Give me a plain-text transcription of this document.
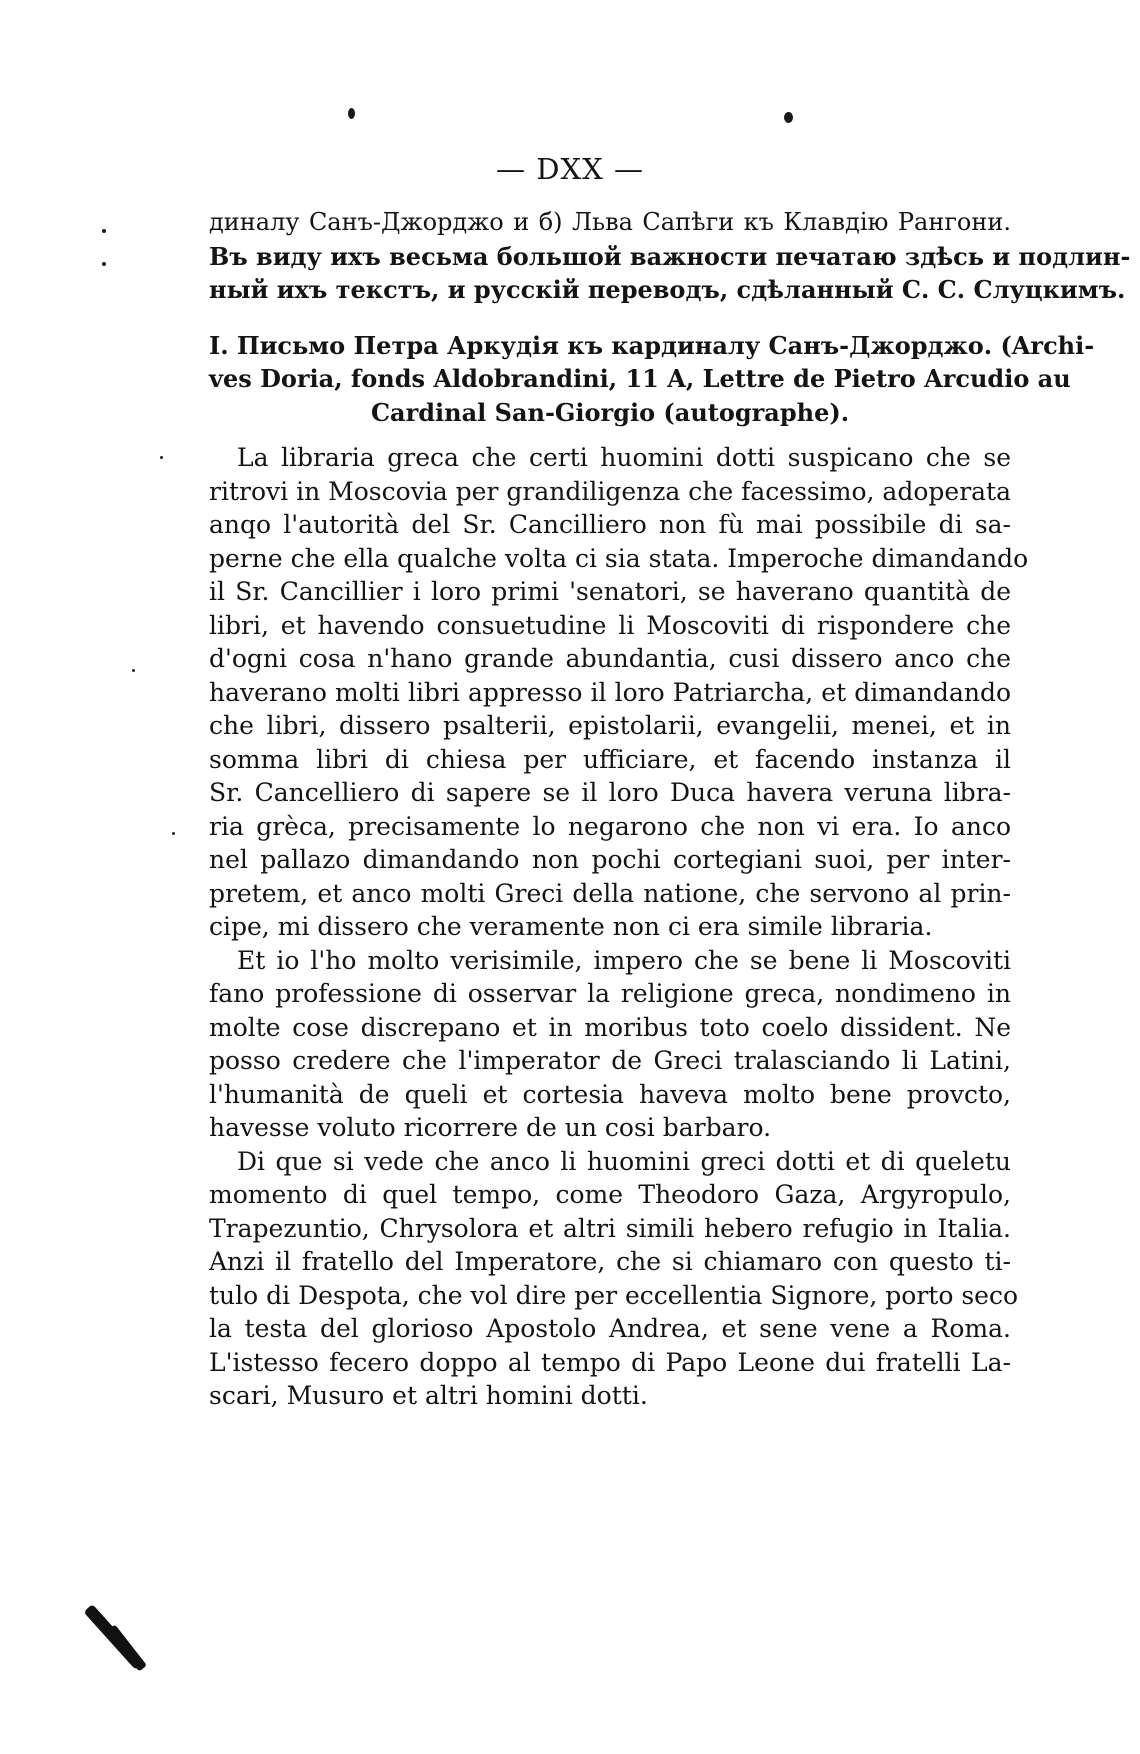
— DXX —
диналу Санъ-Джорджо и б) Льва Сапѣги къ Клавдію Рангони.
Въ виду ихъ весьма большой важности печатаю здѣсь и подлин-
ный ихъ текстъ, и русскій переводъ, сдѣланный С. С. Слуцкимъ.
I. Письмо Петра Аркудія къ кардиналу Санъ-Джорджо. (Archi-
ves Doria, fonds Aldobrandini, 11 A, Lettre de Pietro Arcudio au
Cardinal San-Giorgio (autographe).
La libraria greca che certi huomini dotti suspicano che se
ritrovi in Moscovia per grandiligenza che facessimo, adoperata
anqo l'autorità del Sr. Cancilliero non fù mai possibile di sa-
perne che ella qualche volta ci sia stata. Imperoche dimandando
il Sr. Cancillier i loro primi 'senatori, se haverano quantità de
libri, et havendo consuetudine li Moscoviti di rispondere che
d'ogni cosa n'hano grande abundantia, cusi dissero anco che
haverano molti libri appresso il loro Patriarcha, et dimandando
che libri, dissero psalterii, epistolarii, evangelii, menei, et in
somma libri di chiesa per ufficiare, et facendo instanza il
Sr. Cancelliero di sapere se il loro Duca havera veruna libra-
ria grèca, precisamente lo negarono che non vi era. Io anco
nel pallazo dimandando non pochi cortegiani suoi, per inter-
pretem, et anco molti Greci della natione, che servono al prin-
cipe, mi dissero che veramente non ci era simile libraria.
Et io l'ho molto verisimile, impero che se bene li Moscoviti
fano professione di osservar la religione greca, nondimeno in
molte cose discrepano et in moribus toto coelo dissident. Ne
posso credere che l'imperator de Greci tralasciando li Latini,
l'humanità de queli et cortesia haveva molto bene provcto,
havesse voluto ricorrere de un cosi barbaro.
Di que si vede che anco li huomini greci dotti et di queletu
momento di quel tempo, come Theodoro Gaza, Argyropulo,
Trapezuntio, Chrysolora et altri simili hebero refugio in Italia.
Anzi il fratello del Imperatore, che si chiamaro con questo ti-
tulo di Despota, che vol dire per eccellentia Signore, porto seco
la testa del glorioso Apostolo Andrea, et sene vene a Roma.
L'istesso fecero doppo al tempo di Papo Leone dui fratelli La-
scari, Musuro et altri homini dotti.
